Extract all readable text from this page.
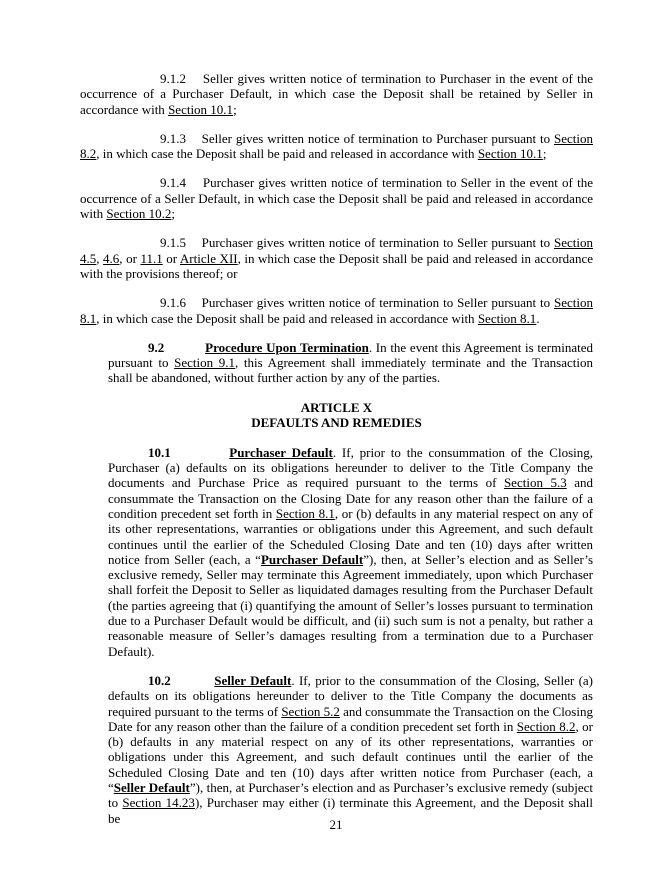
9.1.2 Seller gives written notice of termination to Purchaser in the event of the occurrence of a Purchaser Default, in which case the Deposit shall be retained by Seller in accordance with Section 10.1;

9.1.3 Seller gives written notice of termination to Purchaser pursuant to Section 8.2, in which case the Deposit shall be paid and released in accordance with Section 10.1;

9.1.4 Purchaser gives written notice of termination to Seller in the event of the occurrence of a Seller Default, in which case the Deposit shall be paid and released in accordance with Section 10.2;

9.1.5 Purchaser gives written notice of termination to Seller pursuant to Section 4.5, 4.6, or 11.1 or Article XII, in which case the Deposit shall be paid and released in accordance with the provisions thereof; or

9.1.6 Purchaser gives written notice of termination to Seller pursuant to Section 8.1, in which case the Deposit shall be paid and released in accordance with Section 8.1.

9.2	Procedure Upon Termination. In the event this Agreement is terminated pursuant to Section 9.1, this Agreement shall immediately terminate and the Transaction shall be abandoned, without further action by any of the parties.

ARTICLE X
DEFAULTS AND REMEDIES

10.1	Purchaser Default. If, prior to the consummation of the Closing, Purchaser (a) defaults on its obligations hereunder to deliver to the Title Company the documents and Purchase Price as required pursuant to the terms of Section 5.3 and consummate the Transaction on the Closing Date for any reason other than the failure of a condition precedent set forth in Section 8.1, or (b) defaults in any material respect on any of its other representations, warranties or obligations under this Agreement, and such default continues until the earlier of the Scheduled Closing Date and ten (10) days after written notice from Seller (each, a “Purchaser Default”), then, at Seller’s election and as Seller’s exclusive remedy, Seller may terminate this Agreement immediately, upon which Purchaser shall forfeit the Deposit to Seller as liquidated damages resulting from the Purchaser Default (the parties agreeing that (i) quantifying the amount of Seller’s losses pursuant to termination due to a Purchaser Default would be difficult, and (ii) such sum is not a penalty, but rather a reasonable measure of Seller’s damages resulting from a termination due to a Purchaser Default).

10.2	Seller Default. If, prior to the consummation of the Closing, Seller (a) defaults on its obligations hereunder to deliver to the Title Company the documents as required pursuant to the terms of Section 5.2 and consummate the Transaction on the Closing Date for any reason other than the failure of a condition precedent set forth in Section 8.2, or (b) defaults in any material respect on any of its other representations, warranties or obligations under this Agreement, and such default continues until the earlier of the Scheduled Closing Date and ten (10) days after written notice from Purchaser (each, a “Seller Default”), then, at Purchaser’s election and as Purchaser’s exclusive remedy (subject to Section 14.23), Purchaser may either (i) terminate this Agreement, and the Deposit shall be	21
